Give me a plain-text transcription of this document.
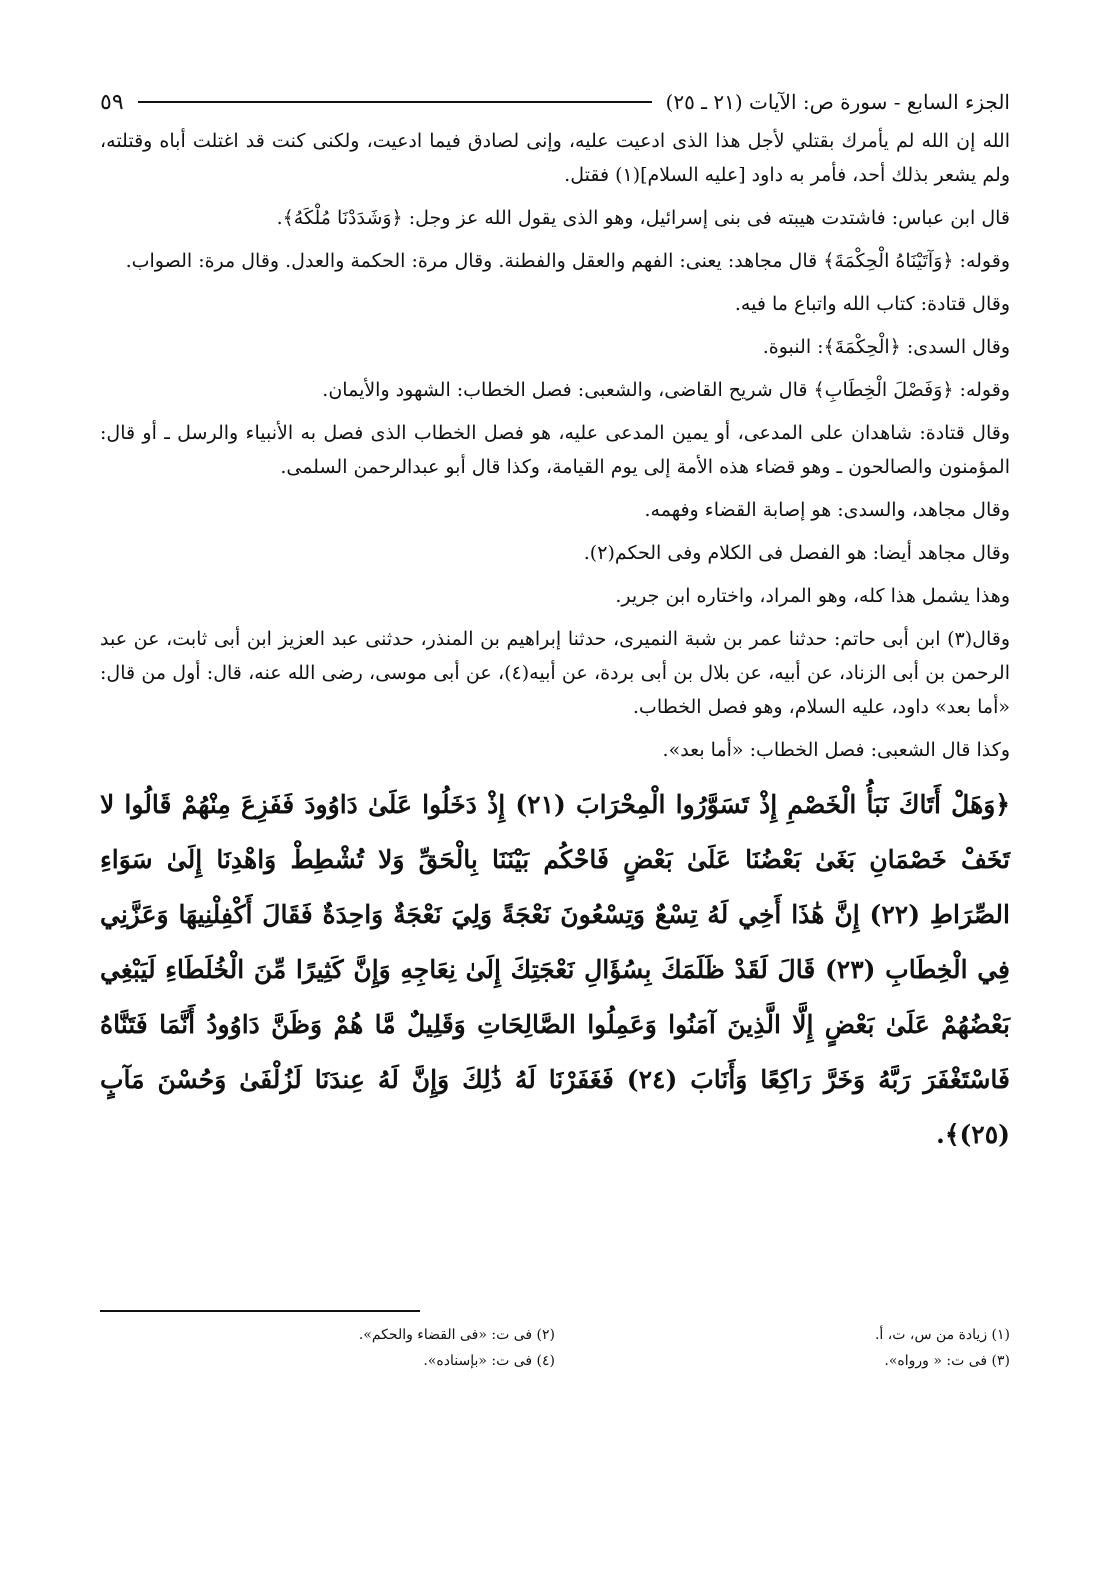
الجزء السابع - سورة ص: الآيات (٢١ ـ ٢٥)
٥٩

الله إن الله لم يأمرك بقتلي لأجل هذا الذى ادعيت عليه، وإنى لصادق فيما ادعيت، ولكنى كنت قد اغتلت أباه وقتلته، ولم يشعر بذلك أحد، فأمر به داود [عليه السلام](١) فقتل.

قال ابن عباس: فاشتدت هيبته فى بنى إسرائيل، وهو الذى يقول الله عز وجل: ﴿وَشَدَدْنَا مُلْكَهُ﴾.

وقوله: ﴿وَآتَيْنَاهُ الْحِكْمَةَ﴾ قال مجاهد: يعنى: الفهم والعقل والفطنة. وقال مرة: الحكمة والعدل. وقال مرة: الصواب.

وقال قتادة: كتاب الله واتباع ما فيه.

وقال السدى: ﴿الْحِكْمَةَ﴾: النبوة.

وقوله: ﴿وَفَصْلَ الْخِطَابِ﴾ قال شريح القاضى، والشعبى: فصل الخطاب: الشهود والأيمان.

وقال قتادة: شاهدان على المدعى، أو يمين المدعى عليه، هو فصل الخطاب الذى فصل به الأنبياء والرسل ـ أو قال: المؤمنون والصالحون ـ وهو قضاء هذه الأمة إلى يوم القيامة، وكذا قال أبو عبدالرحمن السلمى.

وقال مجاهد، والسدى: هو إصابة القضاء وفهمه.

وقال مجاهد أيضا: هو الفصل فى الكلام وفى الحكم(٢).

وهذا يشمل هذا كله، وهو المراد، واختاره ابن جرير.

وقال(٣) ابن أبى حاتم: حدثنا عمر بن شبة النميرى، حدثنا إبراهيم بن المنذر، حدثنى عبد العزيز ابن أبى ثابت، عن عبد الرحمن بن أبى الزناد، عن أبيه، عن بلال بن أبى بردة، عن أبيه(٤)، عن أبى موسى، رضى الله عنه، قال: أول من قال: «أما بعد» داود، عليه السلام، وهو فصل الخطاب.

وكذا قال الشعبى: فصل الخطاب: «أما بعد».

﴿وَهَلْ أَتَاكَ نَبَأُ الْخَصْمِ إِذْ تَسَوَّرُوا الْمِحْرَابَ (٢١) إِذْ دَخَلُوا عَلَىٰ دَاوُودَ فَفَزِعَ مِنْهُمْ قَالُوا لا تَخَفْ خَصْمَانِ بَغَىٰ بَعْضُنَا عَلَىٰ بَعْضٍ فَاحْكُم بَيْنَنَا بِالْحَقِّ وَلا تُشْطِطْ وَاهْدِنَا إِلَىٰ سَوَاءِ الصِّرَاطِ (٢٢) إِنَّ هَٰذَا أَخِي لَهُ تِسْعٌ وَتِسْعُونَ نَعْجَةً وَلِيَ نَعْجَةٌ وَاحِدَةٌ فَقَالَ أَكْفِلْنِيهَا وَعَزَّنِي فِي الْخِطَابِ (٢٣) قَالَ لَقَدْ ظَلَمَكَ بِسُؤَالِ نَعْجَتِكَ إِلَىٰ نِعَاجِهِ وَإِنَّ كَثِيرًا مِّنَ الْخُلَطَاءِ لَيَبْغِي بَعْضُهُمْ عَلَىٰ بَعْضٍ إِلَّا الَّذِينَ آمَنُوا وَعَمِلُوا الصَّالِحَاتِ وَقَلِيلٌ مَّا هُمْ وَظَنَّ دَاوُودُ أَنَّمَا فَتَنَّاهُ فَاسْتَغْفَرَ رَبَّهُ وَخَرَّ رَاكِعًا وَأَنَابَ (٢٤) فَغَفَرْنَا لَهُ ذَٰلِكَ وَإِنَّ لَهُ عِندَنَا لَزُلْفَىٰ وَحُسْنَ مَآبٍ (٢٥)﴾.
(١) زيادة من س، ت، أ.
(٢) فى ت: «فى القضاء والحكم».
(٣) فى ت: « ورواه».
(٤) فى ت: «بإسناده».
